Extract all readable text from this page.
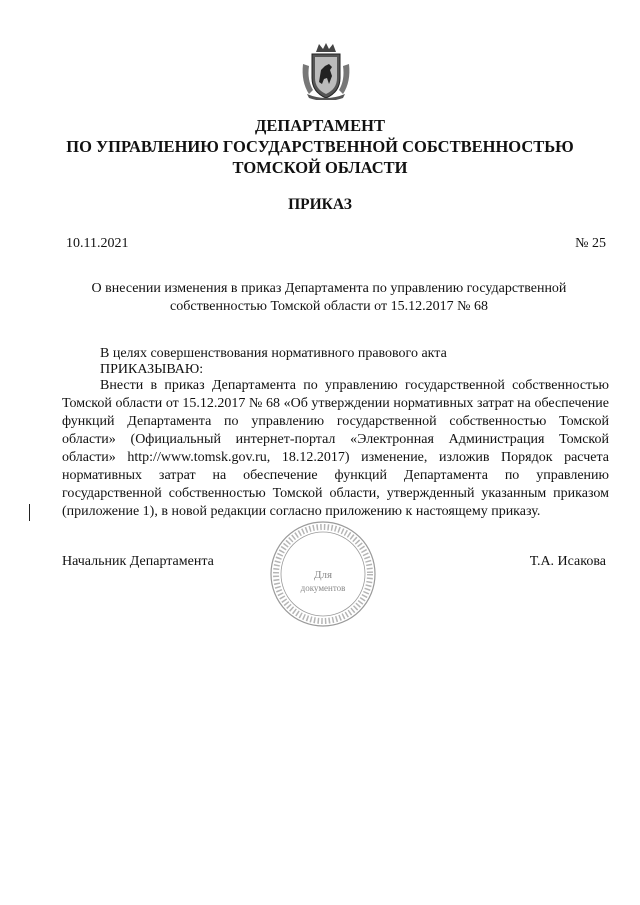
ДЕПАРТАМЕНТ
ПО УПРАВЛЕНИЮ ГОСУДАРСТВЕННОЙ СОБСТВЕННОСТЬЮ
ТОМСКОЙ ОБЛАСТИ
ПРИКАЗ
10.11.2021	№ 25
О внесении изменения в приказ Департамента по управлению государственной собственностью Томской области от 15.12.2017 № 68
В целях совершенствования нормативного правового акта
ПРИКАЗЫВАЮ:
Внести в приказ Департамента по управлению государственной собственностью Томской области от 15.12.2017 № 68 «Об утверждении нормативных затрат на обеспечение функций Департамента по управлению государственной собственностью Томской области» (Официальный интернет-портал «Электронная Администрация Томской области» http://www.tomsk.gov.ru, 18.12.2017) изменение, изложив Порядок расчета нормативных затрат на обеспечение функций Департамента по управлению государственной собственностью Томской области, утвержденный указанным приказом (приложение 1), в новой редакции согласно приложению к настоящему приказу.
Начальник Департамента	Т.А. Исакова
Для
документов
